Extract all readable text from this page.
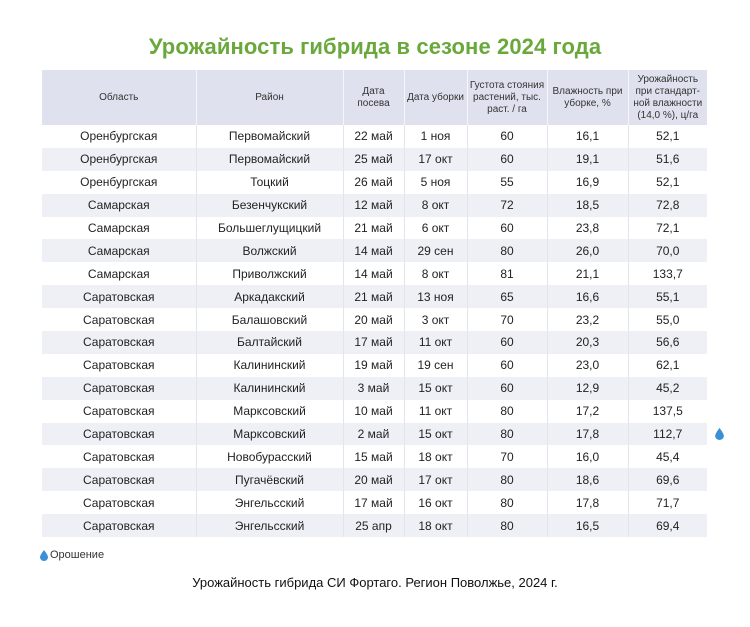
Урожайность гибрида в сезоне 2024 года
Область	Район	Дата посева	Дата уборки	Густота стояния растений, тыс. раст. / га	Влажность при уборке, %	Урожайность при стандарт-ной влажности (14,0 %), ц/га
Оренбургская	Первомайский	22 май	1 ноя	60	16,1	52,1
Оренбургская	Первомайский	25 май	17 окт	60	19,1	51,6
Оренбургская	Тоцкий	26 май	5 ноя	55	16,9	52,1
Самарская	Безенчукский	12 май	8 окт	72	18,5	72,8
Самарская	Большеглущицкий	21 май	6 окт	60	23,8	72,1
Самарская	Волжский	14 май	29 сен	80	26,0	70,0
Самарская	Приволжский	14 май	8 окт	81	21,1	133,7
Саратовская	Аркадакский	21 май	13 ноя	65	16,6	55,1
Саратовская	Балашовский	20 май	3 окт	70	23,2	55,0
Саратовская	Балтайский	17 май	11 окт	60	20,3	56,6
Саратовская	Калининский	19 май	19 сен	60	23,0	62,1
Саратовская	Калининский	3 май	15 окт	60	12,9	45,2
Саратовская	Марксовский	10 май	11 окт	80	17,2	137,5
Саратовская	Марксовский	2 май	15 окт	80	17,8	112,7

Саратовская	Новобурасский	15 май	18 окт	70	16,0	45,4
Саратовская	Пугачёвский	20 май	17 окт	80	18,6	69,6
Саратовская	Энгельсский	17 май	16 окт	80	17,8	71,7
Саратовская	Энгельсский	25 апр	18 окт	80	16,5	69,4
Орошение
Урожайность гибрида СИ Фортаго. Регион Поволжье, 2024 г.
